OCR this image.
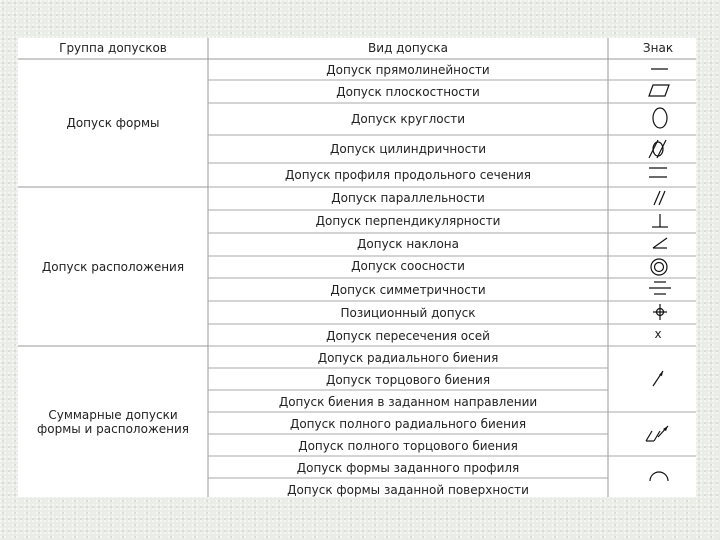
Группа допусков	Вид допуска	Знак
Допуск формы
Допуск расположения
Суммарные допуски формы и расположения
Допуск прямолинейности
Допуск плоскостности
Допуск круглости
Допуск цилиндричности
Допуск профиля продольного сечения
Допуск параллельности
Допуск перпендикулярности
Допуск наклона
Допуск соосности
Допуск симметричности
Позиционный допуск
Допуск пересечения осей
Допуск радиального биения
Допуск торцового биения
Допуск биения в заданном направлении
Допуск полного радиального биения
Допуск полного торцового биения
Допуск формы заданного профиля
Допуск формы заданной поверхности
x
